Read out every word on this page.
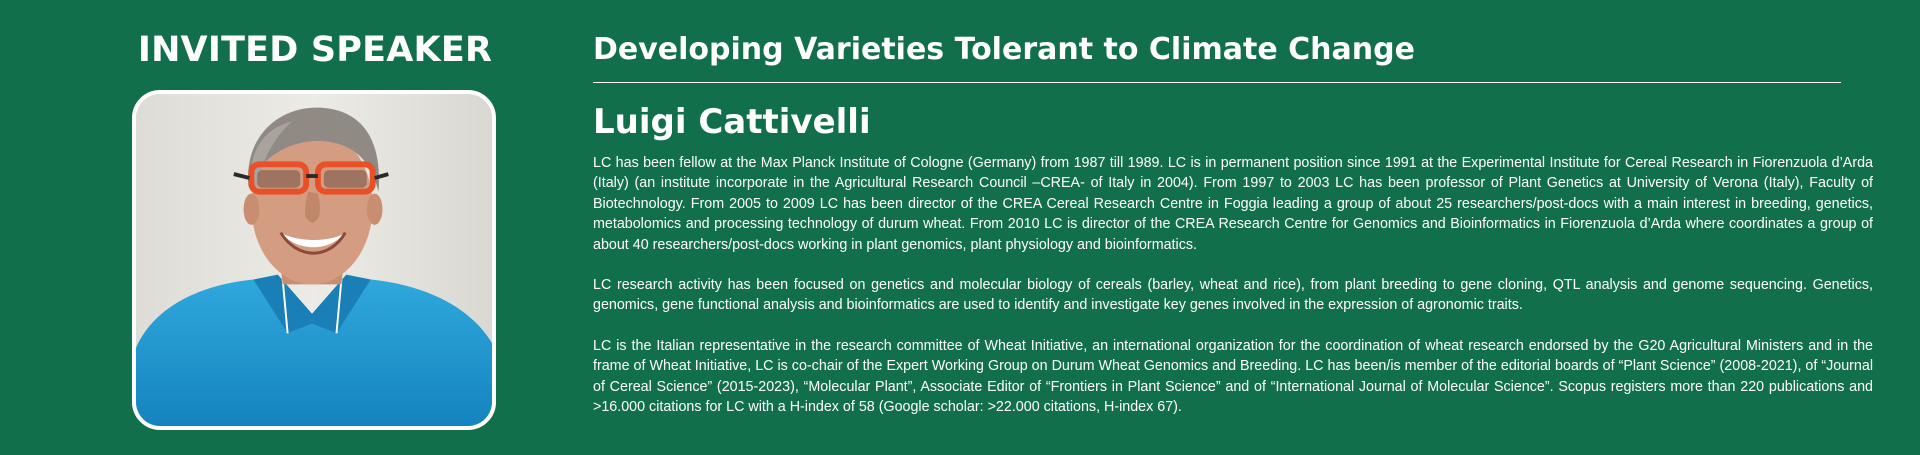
INVITED SPEAKER	Developing Varieties Tolerant to Climate Change
Luigi Cattivelli

LC has been fellow at the Max Planck Institute of Cologne (Germany) from 1987 till 1989. LC is in permanent position since 1991 at the Experimental Institute for Cereal Research in Fiorenzuola d’Arda (Italy) (an institute incorporate in the Agricultural Research Council –CREA- of Italy in 2004). From 1997 to 2003 LC has been professor of Plant Genetics at University of Verona (Italy), Faculty of Biotechnology. From 2005 to 2009 LC has been director of the CREA Cereal Research Centre in Foggia leading a group of about 25 researchers/post-docs with a main interest in breeding, genetics, metabolomics and processing technology of durum wheat. From 2010 LC is director of the CREA Research Centre for Genomics and Bioinformatics in Fiorenzuola d’Arda where coordinates a group of about 40 researchers/post-docs working in plant genomics, plant physiology and bioinformatics.

LC research activity has been focused on genetics and molecular biology of cereals (barley, wheat and rice), from plant breeding to gene cloning, QTL analysis and genome sequencing. Genetics, genomics, gene functional analysis and bioinformatics are used to identify and investigate key genes involved in the expression of agronomic traits.

LC is the Italian representative in the research committee of Wheat Initiative, an international organization for the coordination of wheat research endorsed by the G20 Agricultural Ministers and in the frame of Wheat Initiative, LC is co-chair of the Expert Working Group on Durum Wheat Genomics and Breeding. LC has been/is member of the editorial boards of “Plant Science” (2008-2021), of “Journal of Cereal Science” (2015-2023), “Molecular Plant”, Associate Editor of “Frontiers in Plant Science” and of “International Journal of Molecular Science”. Scopus registers more than 220 publications and >16.000 citations for LC with a H-index of 58 (Google scholar: >22.000 citations, H-index 67).
